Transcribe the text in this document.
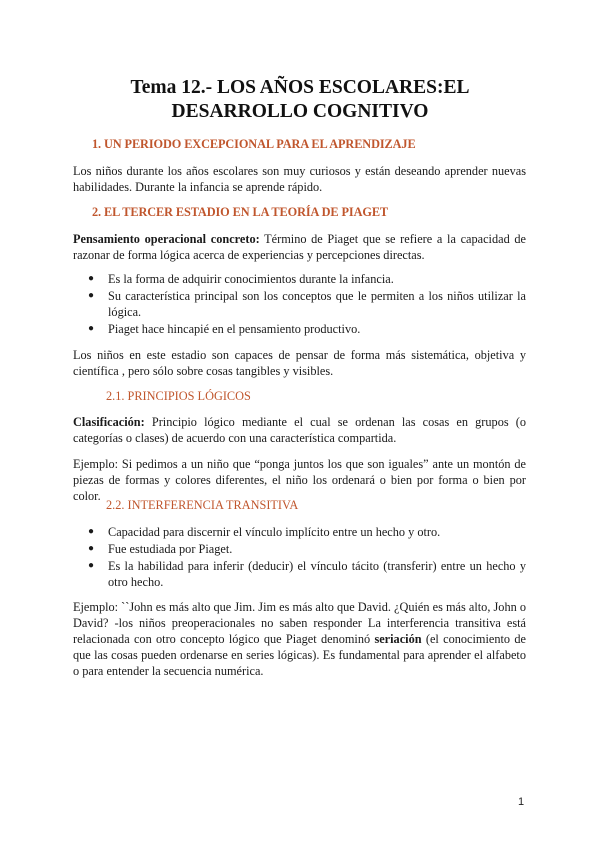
Tema 12.- LOS AÑOS ESCOLARES:EL
DESARROLLO COGNITIVO
1. UN PERIODO EXCEPCIONAL PARA EL APRENDIZAJE
Los niños durante los años escolares son muy curiosos y están deseando aprender nuevas habilidades. Durante la infancia se aprende rápido.
2. EL TERCER ESTADIO EN LA TEORÍA DE PIAGET
Pensamiento operacional concreto: Término de Piaget que se refiere a la capacidad de razonar de forma lógica acerca de experiencias y percepciones directas.
● Es la forma de adquirir conocimientos durante la infancia.
● Su característica principal son los conceptos que le permiten a los niños utilizar la lógica.
● Piaget hace hincapié en el pensamiento productivo.
Los niños en este estadio son capaces de pensar de forma más sistemática, objetiva y científica , pero sólo sobre cosas tangibles y visibles.
2.1. PRINCIPIOS LÓGICOS
Clasificación: Principio lógico mediante el cual se ordenan las cosas en grupos (o categorías o clases) de acuerdo con una característica compartida.
Ejemplo: Si pedimos a un niño que “ponga juntos los que son iguales” ante un montón de piezas de formas y colores diferentes, el niño los ordenará o bien por forma o bien por color.
2.2. INTERFERENCIA TRANSITIVA
● Capacidad para discernir el vínculo implícito entre un hecho y otro.
● Fue estudiada por Piaget.
● Es la habilidad para inferir (deducir) el vínculo tácito (transferir) entre un hecho y otro hecho.
Ejemplo: ``John es más alto que Jim. Jim es más alto que David. ¿Quién es más alto, John o David? -los niños preoperacionales no saben responder La interferencia transitiva está relacionada con otro concepto lógico que Piaget denominó seriación (el conocimiento de que las cosas pueden ordenarse en series lógicas). Es fundamental para aprender el alfabeto o para entender la secuencia numérica.
1
